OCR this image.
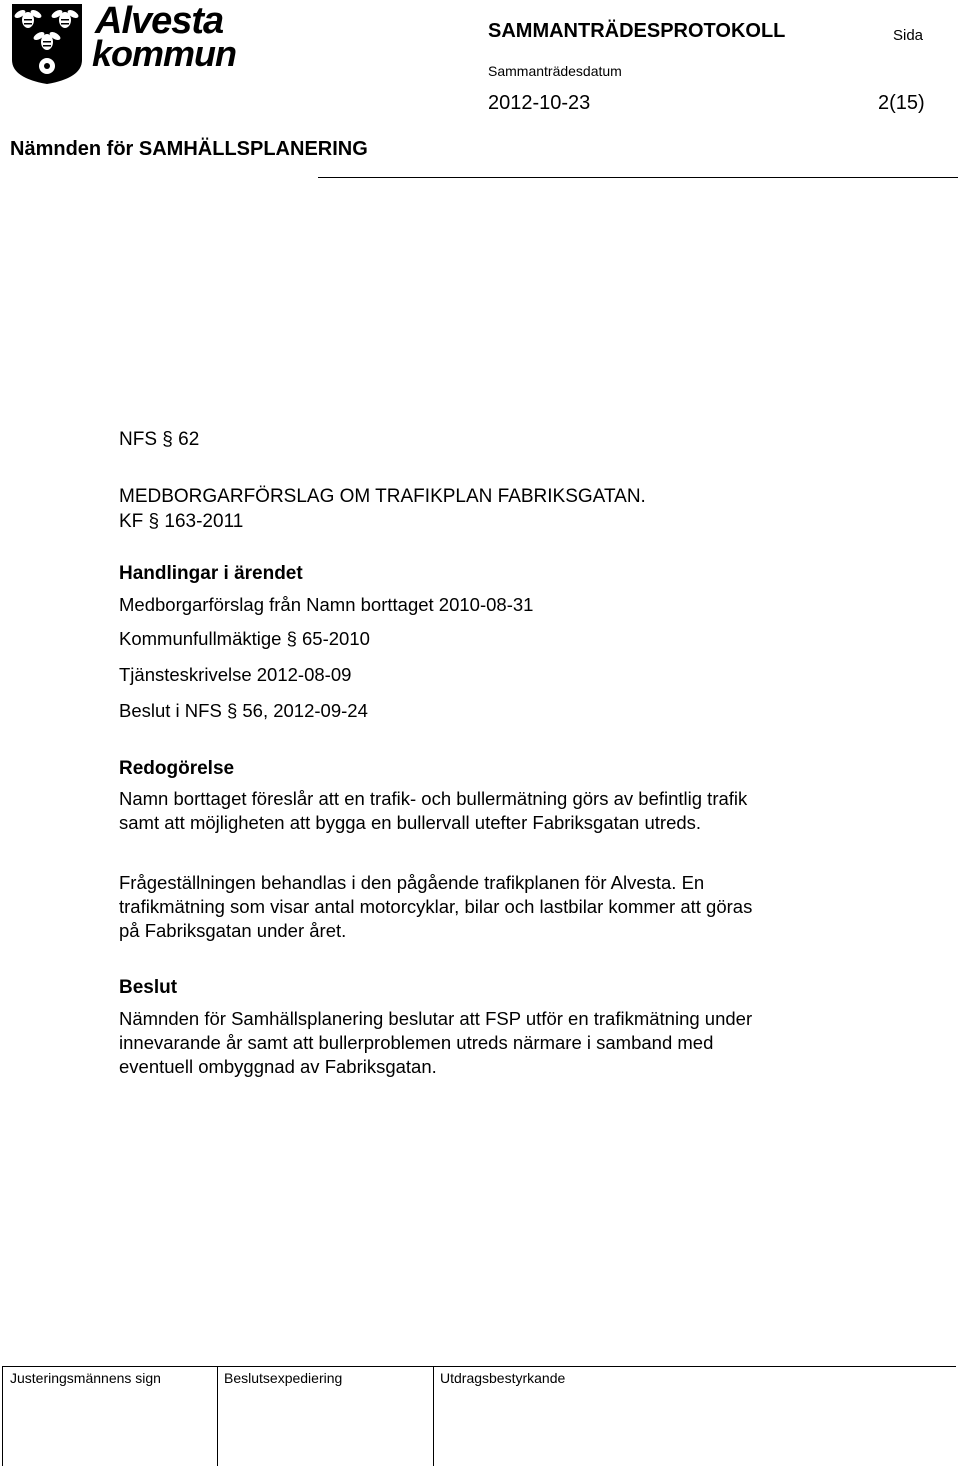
Alvesta
kommun
SAMMANTRÄDESPROTOKOLL	Sida
Sammanträdesdatum
2012-10-23	2(15)
Nämnden för SAMHÄLLSPLANERING
NFS § 62
MEDBORGARFÖRSLAG OM TRAFIKPLAN FABRIKSGATAN.
KF § 163-2011
Handlingar i ärendet
Medborgarförslag från Namn borttaget 2010-08-31
Kommunfullmäktige § 65-2010
Tjänsteskrivelse 2012-08-09
Beslut i NFS § 56, 2012-09-24
Redogörelse
Namn borttaget föreslår att en trafik- och bullermätning görs av befintlig trafik samt att möjligheten att bygga en bullervall utefter Fabriksgatan utreds.
Frågeställningen behandlas i den pågående trafikplanen för Alvesta. En trafikmätning som visar antal motorcyklar, bilar och lastbilar kommer att göras på Fabriksgatan under året.
Beslut
Nämnden för Samhällsplanering beslutar att FSP utför en trafikmätning under innevarande år samt att bullerproblemen utreds närmare i samband med eventuell ombyggnad av Fabriksgatan.
Justeringsmännens sign	Beslutsexpediering	Utdragsbestyrkande
